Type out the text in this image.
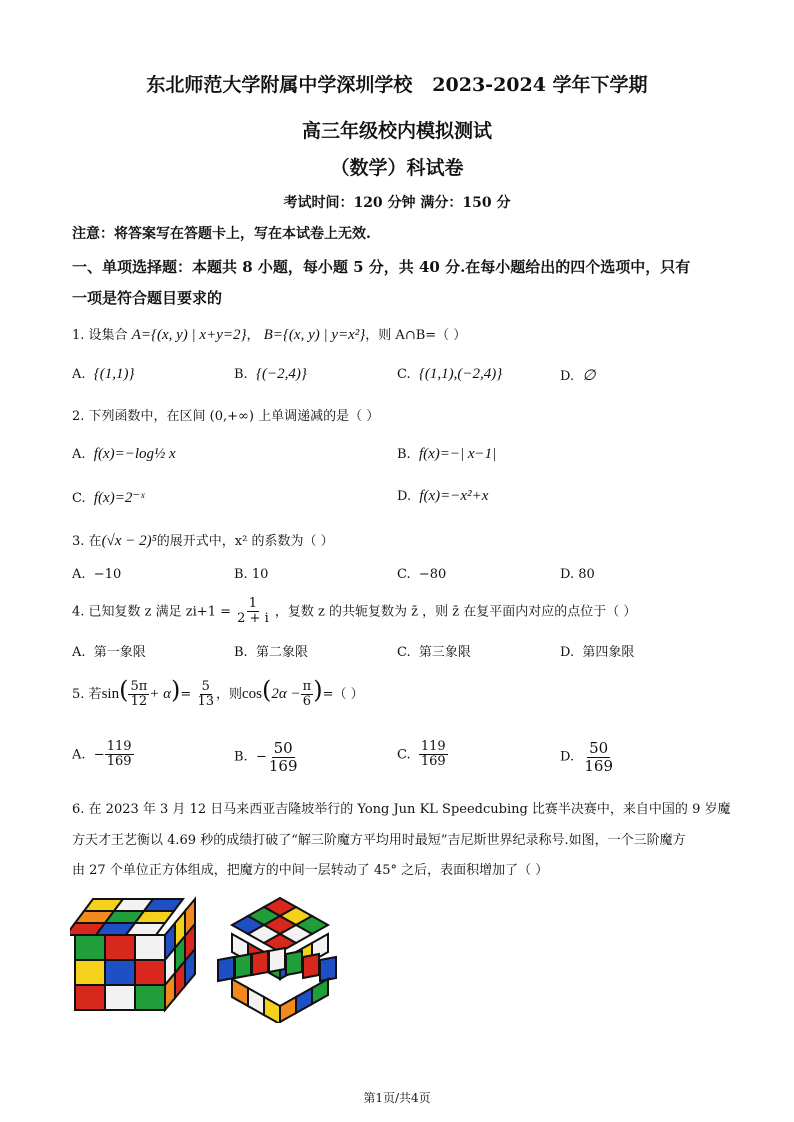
东北师范大学附属中学深圳学校 2023-2024 学年下学期
高三年级校内模拟测试
（数学）科试卷
考试时间：120 分钟 满分：150 分
注意：将答案写在答题卡上，写在本试卷上无效.
一、单项选择题：本题共 8 小题，每小题 5 分，共 40 分.在每小题给出的四个选项中，只有
一项是符合题目要求的
1. 设集合 A={(x, y) | x+y=2}， B={(x, y) | y=x²}，则 A∩B=（ ）
A. {(1,1)}	B. {(−2,4)}	C. {(1,1),(−2,4)}	D. ∅
2. 下列函数中，在区间 (0,+∞) 上单调递减的是（ ）
A. f(x)=−log½ x	B. f(x)=−| x−1|
C. f(x)=2⁻ˣ	D. f(x)=−x²+x
3. 在(√x − 2)⁵的展开式中，x² 的系数为（ ）
A. −10	B. 10	C. −80	D. 80
4. 已知复数 z 满足 $zi+1 = \frac{1}{2 + i}$ ，复数 z 的共轭复数为 z̄ ，则 z̄ 在复平面内对应的点位于（ ）
A. 第一象限	B. 第二象限	C. 第三象限	D. 第四象限
5. 若$\sin( \frac{5\pi}{12} + \alpha)= \frac{5}{13}$ ，则$\cos(2\alpha - \frac{\pi}{6}$ )=（ ）
A. − $\frac{119}{169}$	B. − $\frac{50}{169}$	C. $\frac{119}{169}$	D. $\frac{50}{169}$
6. 在 2023 年 3 月 12 日马来西亚吉隆坡举行的 Yong Jun KL Speedcubing 比赛半决赛中，来自中国的 9 岁魔
方天才王艺衡以 4.69 秒的成绩打破了“解三阶魔方平均用时最短”吉尼斯世界纪录称号.如图，一个三阶魔方
由 27 个单位正方体组成，把魔方的中间一层转动了 45° 之后，表面积增加了（ ）
第1页/共4页
